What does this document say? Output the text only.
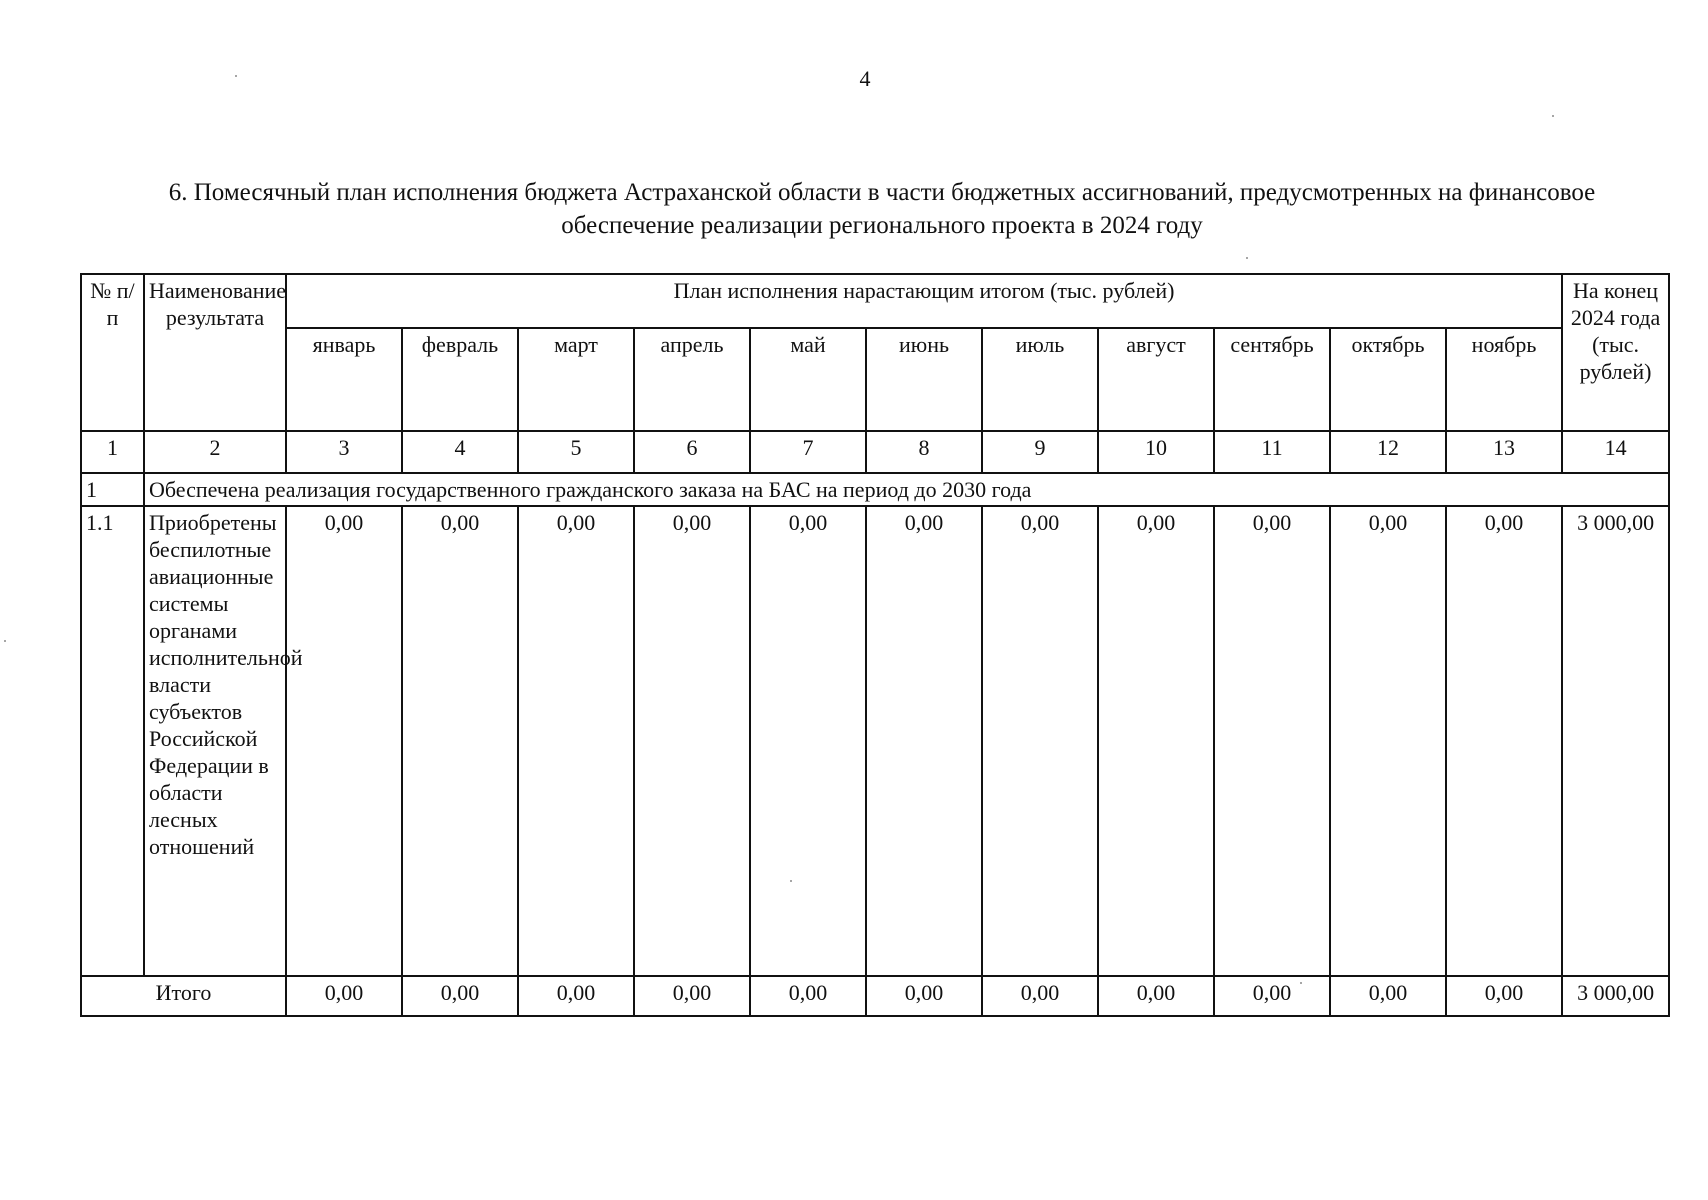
4
6. Помесячный план исполнения бюджета Астраханской области в части бюджетных ассигнований, предусмотренных на финансовое обеспечение реализации регионального проекта в 2024 году
№ п/п	Наименование результата	План исполнения нарастающим итогом (тыс. рублей)											На конец 2024 года (тыс. рублей)
		январь	февраль	март	апрель	май	июнь	июль	август	сентябрь	октябрь	ноябрь	
1	2	3	4	5	6	7	8	9	10	11	12	13	14
1	Обеспечена реализация государственного гражданского заказа на БАС на период до 2030 года												
1.1	Приобретены беспилотные авиационные системы органами исполнительной власти субъектов Российской Федерации в области лесных отношений	0,00	0,00	0,00	0,00	0,00	0,00	0,00	0,00	0,00	0,00	0,00	3 000,00
Итого		0,00	0,00	0,00	0,00	0,00	0,00	0,00	0,00	0,00	0,00	0,00	3 000,00
